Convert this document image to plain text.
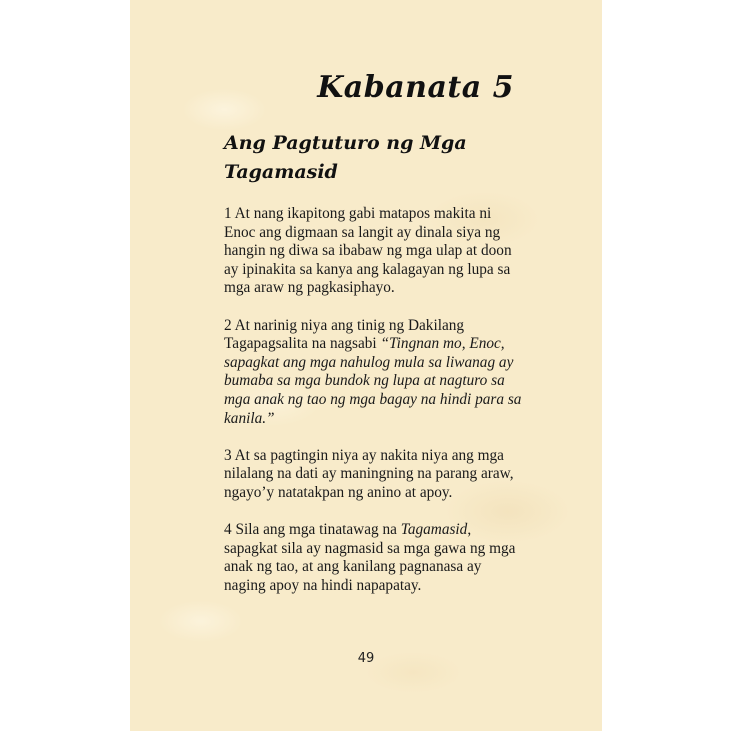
Kabanata 5
Ang Pagtuturo ng Mga Tagamasid

1 At nang ikapitong gabi matapos makita ni Enoc ang digmaan sa langit ay dinala siya ng hangin ng diwa sa ibabaw ng mga ulap at doon ay ipinakita sa kanya ang kalagayan ng lupa sa mga araw ng pagkasiphayo.

2 At narinig niya ang tinig ng Dakilang Tagapagsalita na nagsabi “Tingnan mo, Enoc, sapagkat ang mga nahulog mula sa liwanag ay bumaba sa mga bundok ng lupa at nagturo sa mga anak ng tao ng mga bagay na hindi para sa kanila.”

3 At sa pagtingin niya ay nakita niya ang mga nilalang na dati ay maningning na parang araw, ngayo’y natatakpan ng anino at apoy.

4 Sila ang mga tinatawag na Tagamasid, sapagkat sila ay nagmasid sa mga gawa ng mga anak ng tao, at ang kanilang pagnanasa ay naging apoy na hindi napapatay.

49
